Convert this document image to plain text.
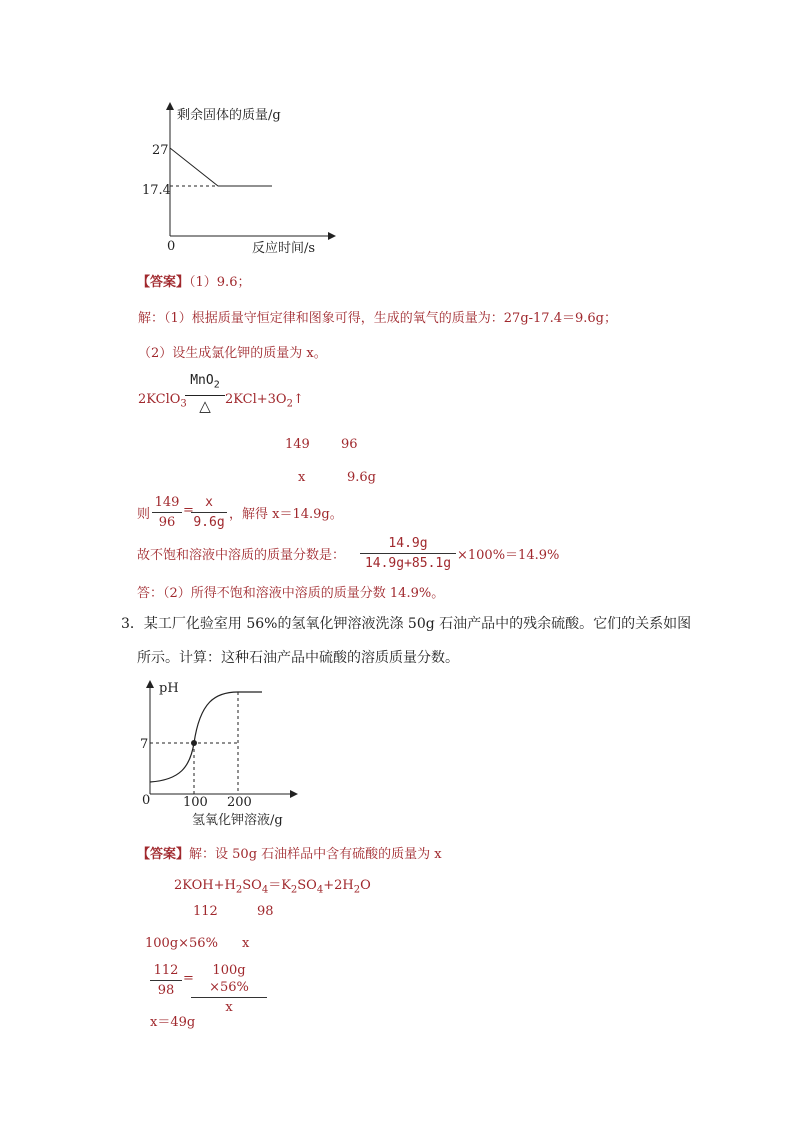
剩余固体的质量/g
27
17.4
0	反应时间/s
【答案】（1）9.6；
解：（1）根据质量守恒定律和图象可得，生成的氧气的质量为：27g-17.4＝9.6g；
（2）设生成氯化钾的质量为 x。
2KClO$_3$
MnO$_2$
△	$2KCl+3O_2↑$
149 96
x	9.6g
则
149
96
=
x
9.6g
，解得 x＝14.9g。
故不饱和溶液中溶质的质量分数是：
14.9g
14.9g+85.1g
×100%＝14.9%
答：（2）所得不饱和溶液中溶质的质量分数 14.9%。
3．某工厂化验室用 56%的氢氧化钾溶液洗涤 50g 石油产品中的残余硫酸。它们的关系如图
所示。计算：这种石油产品中硫酸的溶质质量分数。
pH
7
0	100 200
氢氧化钾溶液/g
【答案】解：设 50g 石油样品中含有硫酸的质量为 x
$2KOH+H_2SO_4=K_2SO_4+2H_2O$
112	98
100g×56% x
112
98
=
100g ×56%
x
x＝49g
